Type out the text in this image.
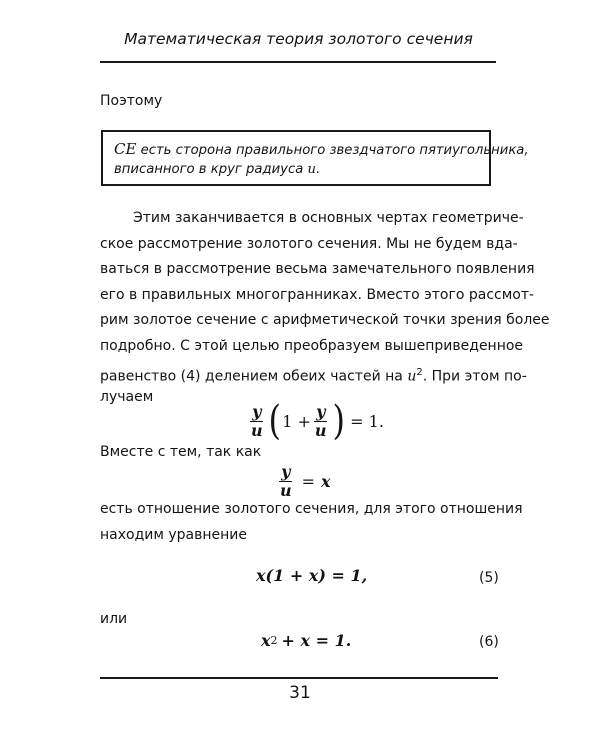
Математическая теория золотого сечения
Поэтому
CE есть сторона правильного звездчатого пятиугольника,
вписанного в круг радиуса u.
Этим заканчивается в основных чертах геометриче-
ское рассмотрение золотого сечения. Мы не будем вда-
ваться в рассмотрение весьма замечательного появления
его в правильных многогранниках. Вместо этого рассмот-
рим золотое сечение с арифметической точки зрения более
подробно. С этой целью преобразуем вышеприведенное
равенство (4) делением обеих частей на $u^2$. При этом по-
лучаем
$\frac{y}{u}$ ( $1 + \frac{y}{u}$ ) = 1.
Вместе с тем, так как
$\frac{y}{u} = x$
есть отношение золотого сечения, для этого отношения
находим уравнение
x(1 + x) = 1,	(5)
или
x 2 + x = 1.	(6)
31
